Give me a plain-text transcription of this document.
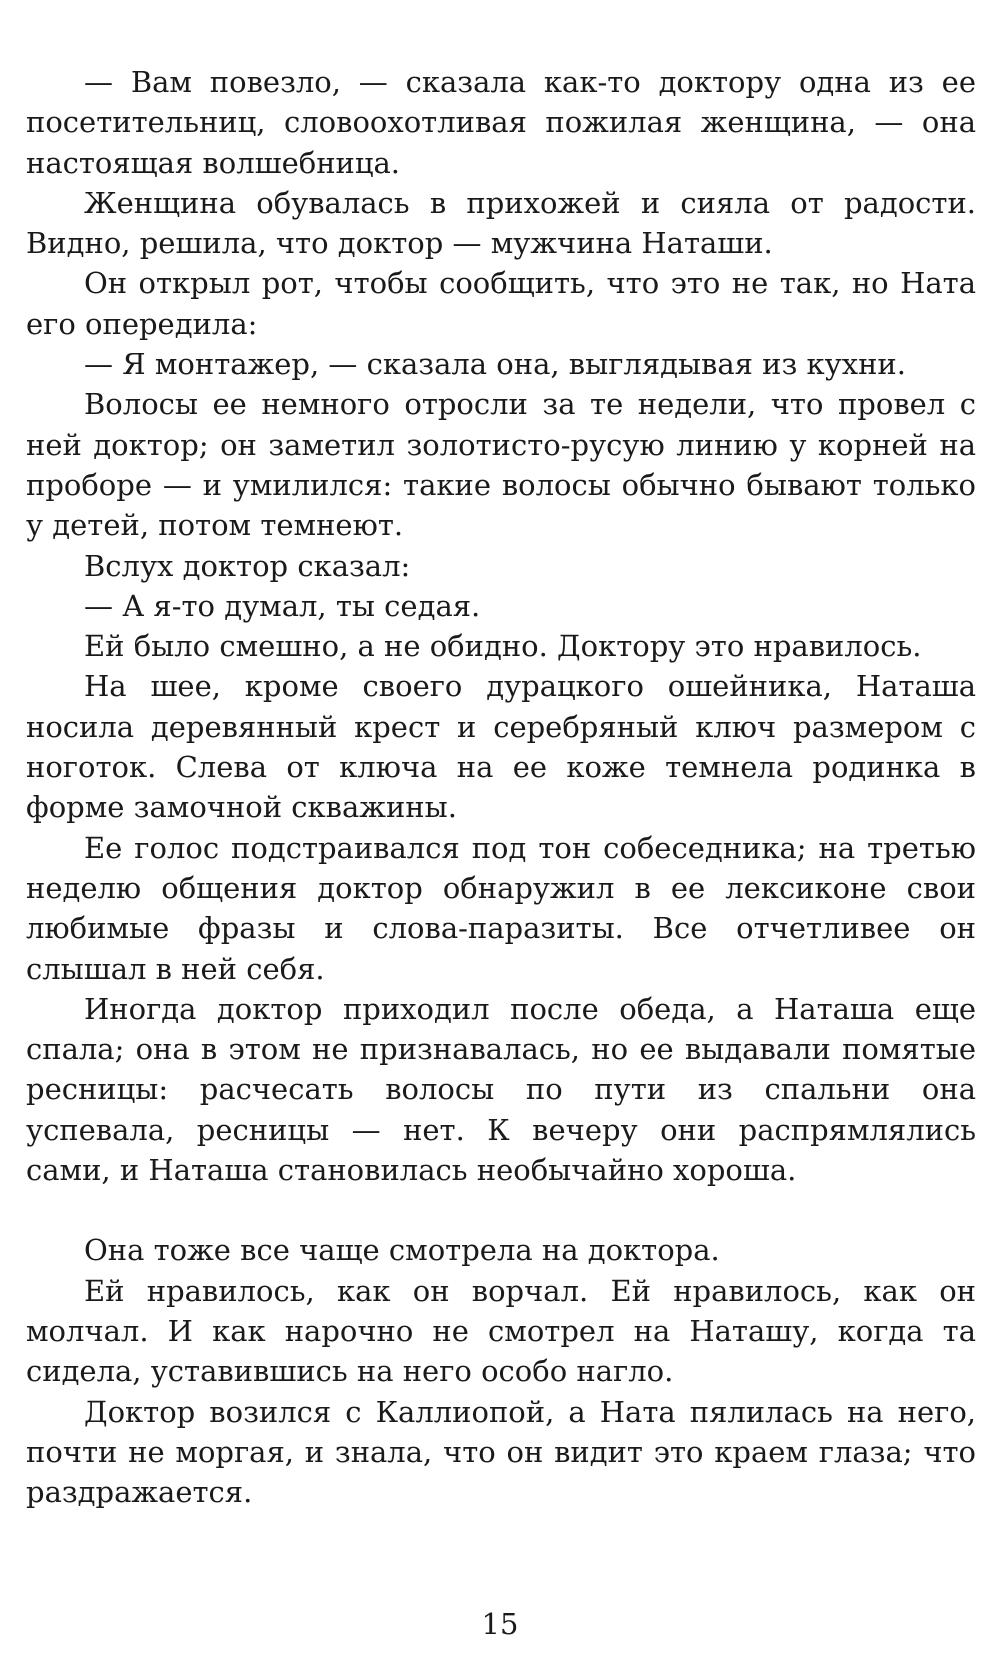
— Вам повезло, — сказала как-то доктору одна из ее посетительниц, словоохотливая пожилая женщина, — она настоящая волшебница.

Женщина обувалась в прихожей и сияла от радости. Видно, решила, что доктор — мужчина Наташи.

Он открыл рот, чтобы сообщить, что это не так, но Ната его опередила:

— Я монтажер, — сказала она, выглядывая из кухни.

Волосы ее немного отросли за те недели, что провел с ней доктор; он заметил золотисто-русую линию у корней на проборе — и умилился: такие волосы обычно бывают только у детей, потом темнеют.

Вслух доктор сказал:

— А я-то думал, ты седая.

Ей было смешно, а не обидно. Доктору это нравилось.

На шее, кроме своего дурацкого ошейника, Наташа носила деревянный крест и серебряный ключ размером с ноготок. Слева от ключа на ее коже темнела родинка в форме замочной скважины.

Ее голос подстраивался под тон собеседника; на третью неделю общения доктор обнаружил в ее лексиконе свои любимые фразы и слова-паразиты. Все отчетливее он слышал в ней себя.

Иногда доктор приходил после обеда, а Наташа еще спала; она в этом не признавалась, но ее выдавали помятые ресницы: расчесать волосы по пути из спальни она успевала, ресницы — нет. К вечеру они распрямлялись сами, и Наташа становилась необычайно хороша.

Она тоже все чаще смотрела на доктора.

Ей нравилось, как он ворчал. Ей нравилось, как он молчал. И как нарочно не смотрел на Наташу, когда та сидела, уставившись на него особо нагло.

Доктор возился с Каллиопой, а Ната пялилась на него, почти не моргая, и знала, что он видит это краем глаза; что раздражается.

15
